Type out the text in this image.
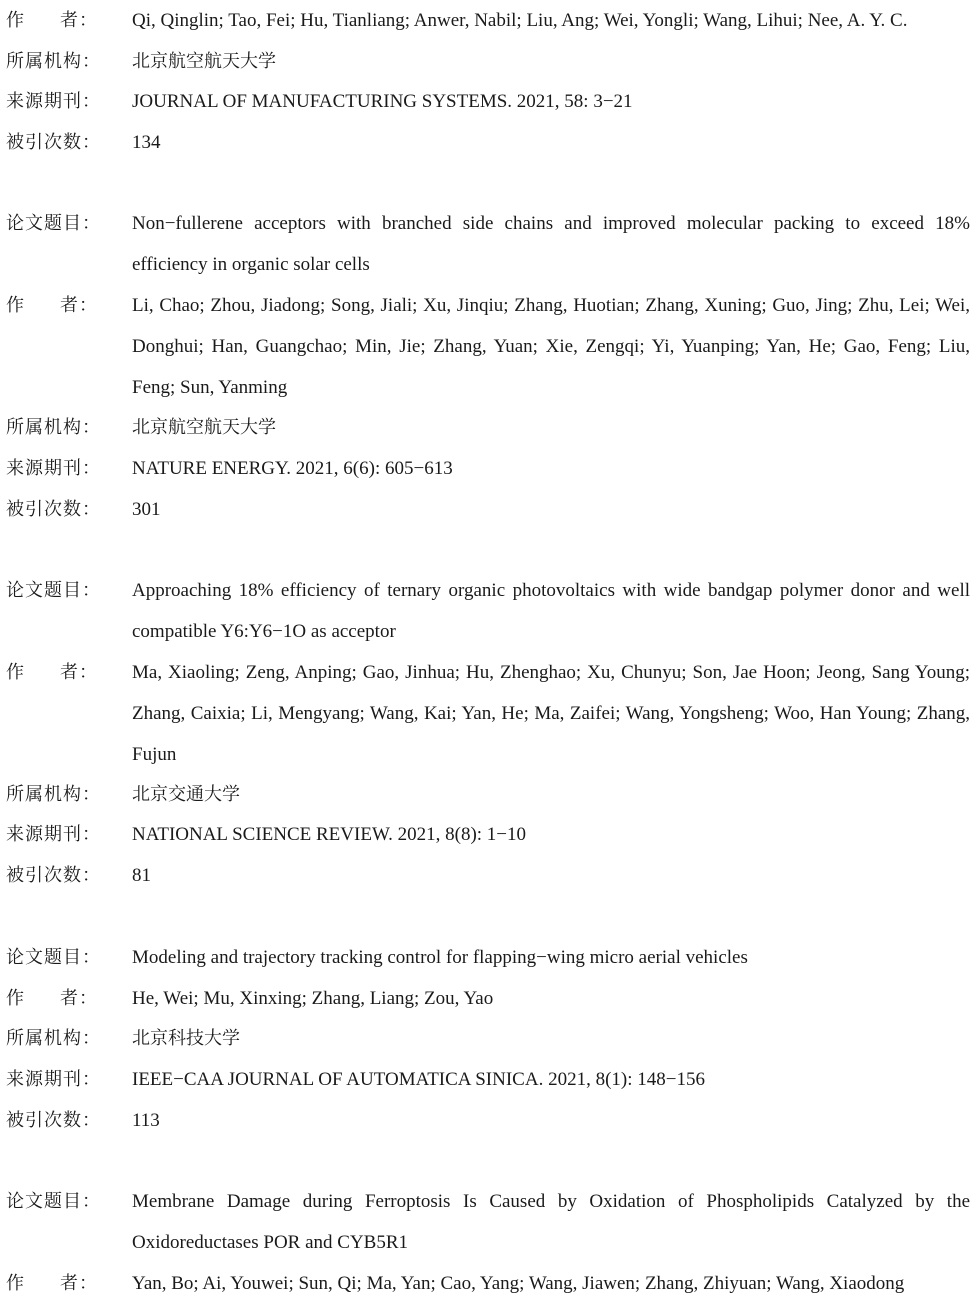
作 者： Qi, Qinglin; Tao, Fei; Hu, Tianliang; Anwer, Nabil; Liu, Ang; Wei, Yongli; Wang, Lihui; Nee, A. Y. C.
所属机构：	北京航空航天大学
来源期刊：	JOURNAL OF MANUFACTURING SYSTEMS. 2021, 58: 3−21
被引次数：	134
论文题目：	Non−fullerene acceptors with branched side chains and improved molecular packing to exceed 18% efficiency in organic solar cells
作 者： Li, Chao; Zhou, Jiadong; Song, Jiali; Xu, Jinqiu; Zhang, Huotian; Zhang, Xuning; Guo, Jing; Zhu, Lei; Wei, Donghui; Han, Guangchao; Min, Jie; Zhang, Yuan; Xie, Zengqi; Yi, Yuanping; Yan, He; Gao, Feng; Liu, Feng; Sun, Yanming
所属机构：	北京航空航天大学
来源期刊：	NATURE ENERGY. 2021, 6(6): 605−613
被引次数：	301
论文题目：	Approaching 18% efficiency of ternary organic photovoltaics with wide bandgap polymer donor and well compatible Y6:Y6−1O as acceptor
作 者： Ma, Xiaoling; Zeng, Anping; Gao, Jinhua; Hu, Zhenghao; Xu, Chunyu; Son, Jae Hoon; Jeong, Sang Young; Zhang, Caixia; Li, Mengyang; Wang, Kai; Yan, He; Ma, Zaifei; Wang, Yongsheng; Woo, Han Young; Zhang, Fujun
所属机构：	北京交通大学
来源期刊：	NATIONAL SCIENCE REVIEW. 2021, 8(8): 1−10
被引次数：	81
论文题目：	Modeling and trajectory tracking control for flapping−wing micro aerial vehicles
作 者： He, Wei; Mu, Xinxing; Zhang, Liang; Zou, Yao
所属机构：	北京科技大学
来源期刊：	IEEE−CAA JOURNAL OF AUTOMATICA SINICA. 2021, 8(1): 148−156
被引次数：	113
论文题目：	Membrane Damage during Ferroptosis Is Caused by Oxidation of Phospholipids Catalyzed by the Oxidoreductases POR and CYB5R1
作 者： Yan, Bo; Ai, Youwei; Sun, Qi; Ma, Yan; Cao, Yang; Wang, Jiawen; Zhang, Zhiyuan; Wang, Xiaodong
